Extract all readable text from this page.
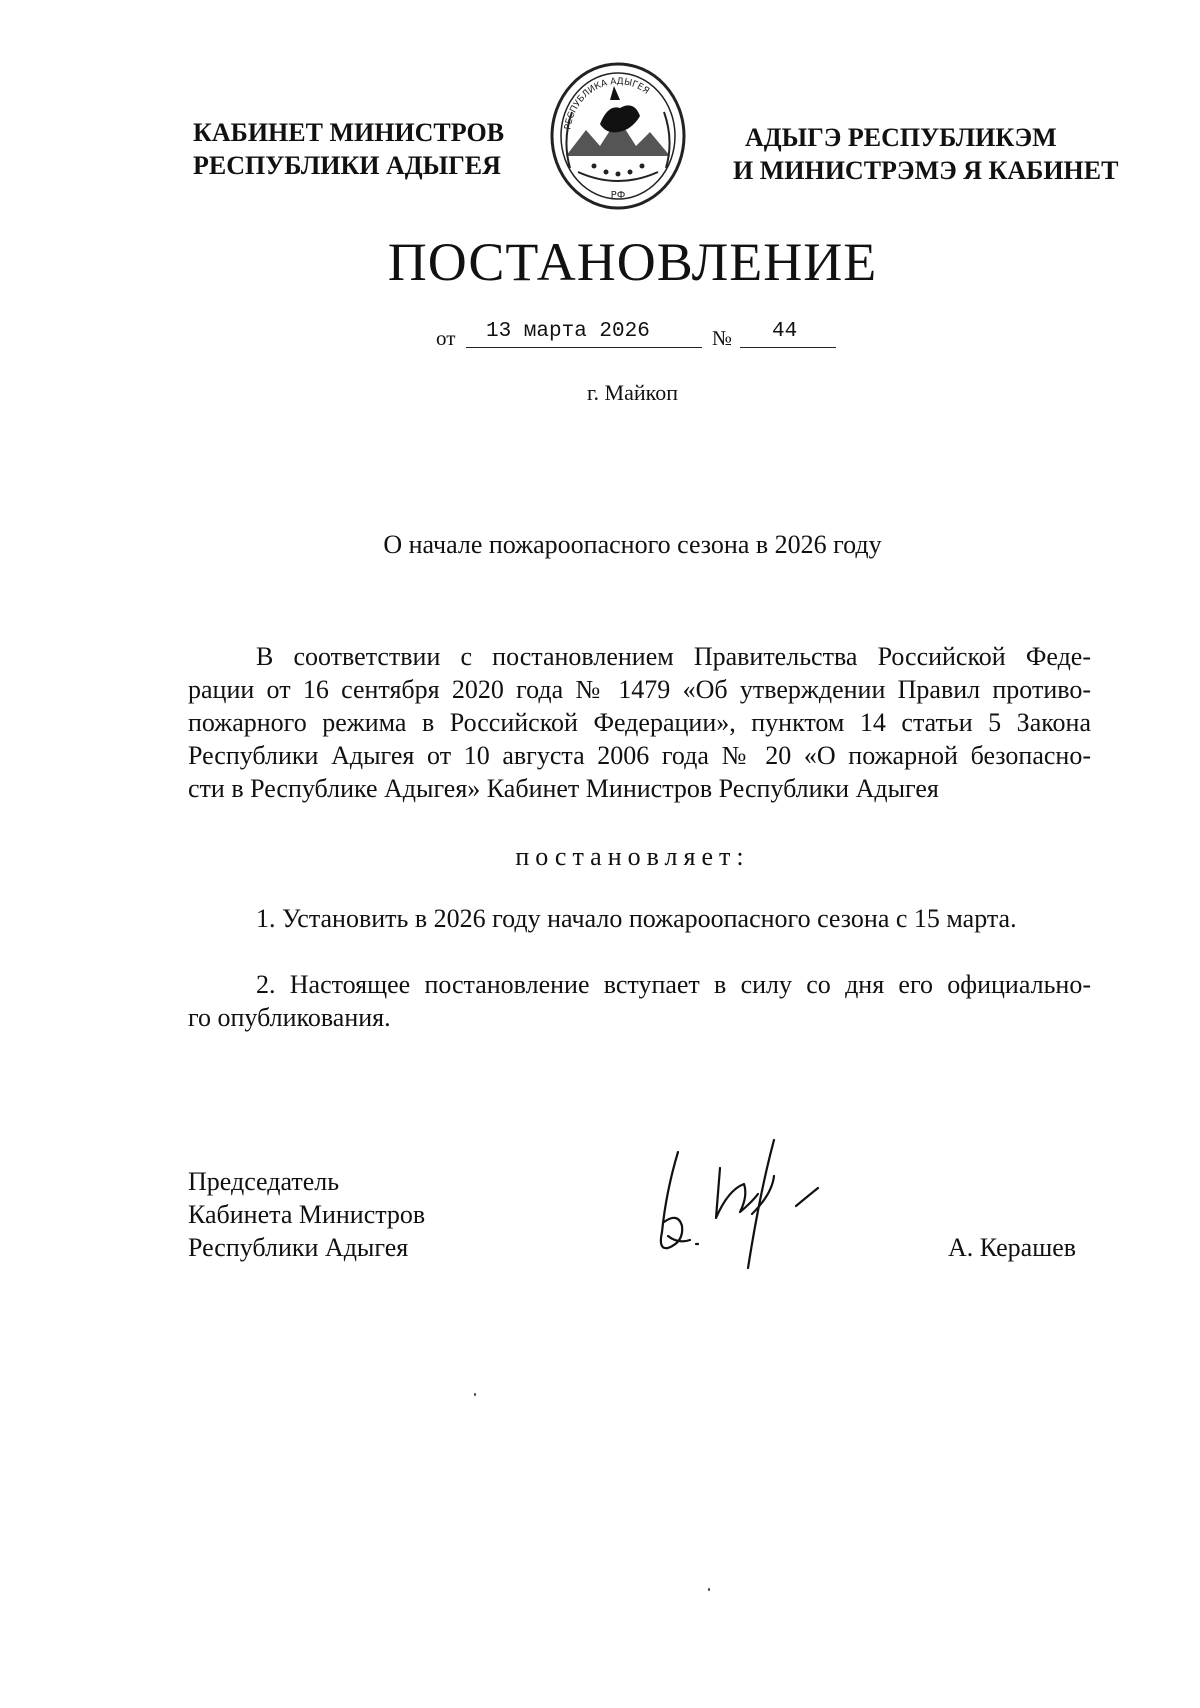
КАБИНЕТ МИНИСТРОВ
РЕСПУБЛИКИ АДЫГЕЯ
РЕСПУБЛИКА АДЫГЕЯ
РФ
АДЫГЭ РЕСПУБЛИКЭМ
И МИНИСТРЭМЭ Я КАБИНЕТ
ПОСТАНОВЛЕНИЕ
от	13 марта 2026	№	44
г. Майкоп
О начале пожароопасного сезона в 2026 году
В соответствии с постановлением Правительства Российской Феде-
рации от 16 сентября 2020 года № 1479 «Об утверждении Правил противо-
пожарного режима в Российской Федерации», пунктом 14 статьи 5 Закона
Республики Адыгея от 10 августа 2006 года № 20 «О пожарной безопасно-
сти в Республике Адыгея» Кабинет Министров Республики Адыгея
постановляет:
1. Установить в 2026 году начало пожароопасного сезона с 15 марта.
2. Настоящее постановление вступает в силу со дня его официально-
го опубликования.
Председатель
Кабинета Министров
Республики Адыгея	А. Керашев
